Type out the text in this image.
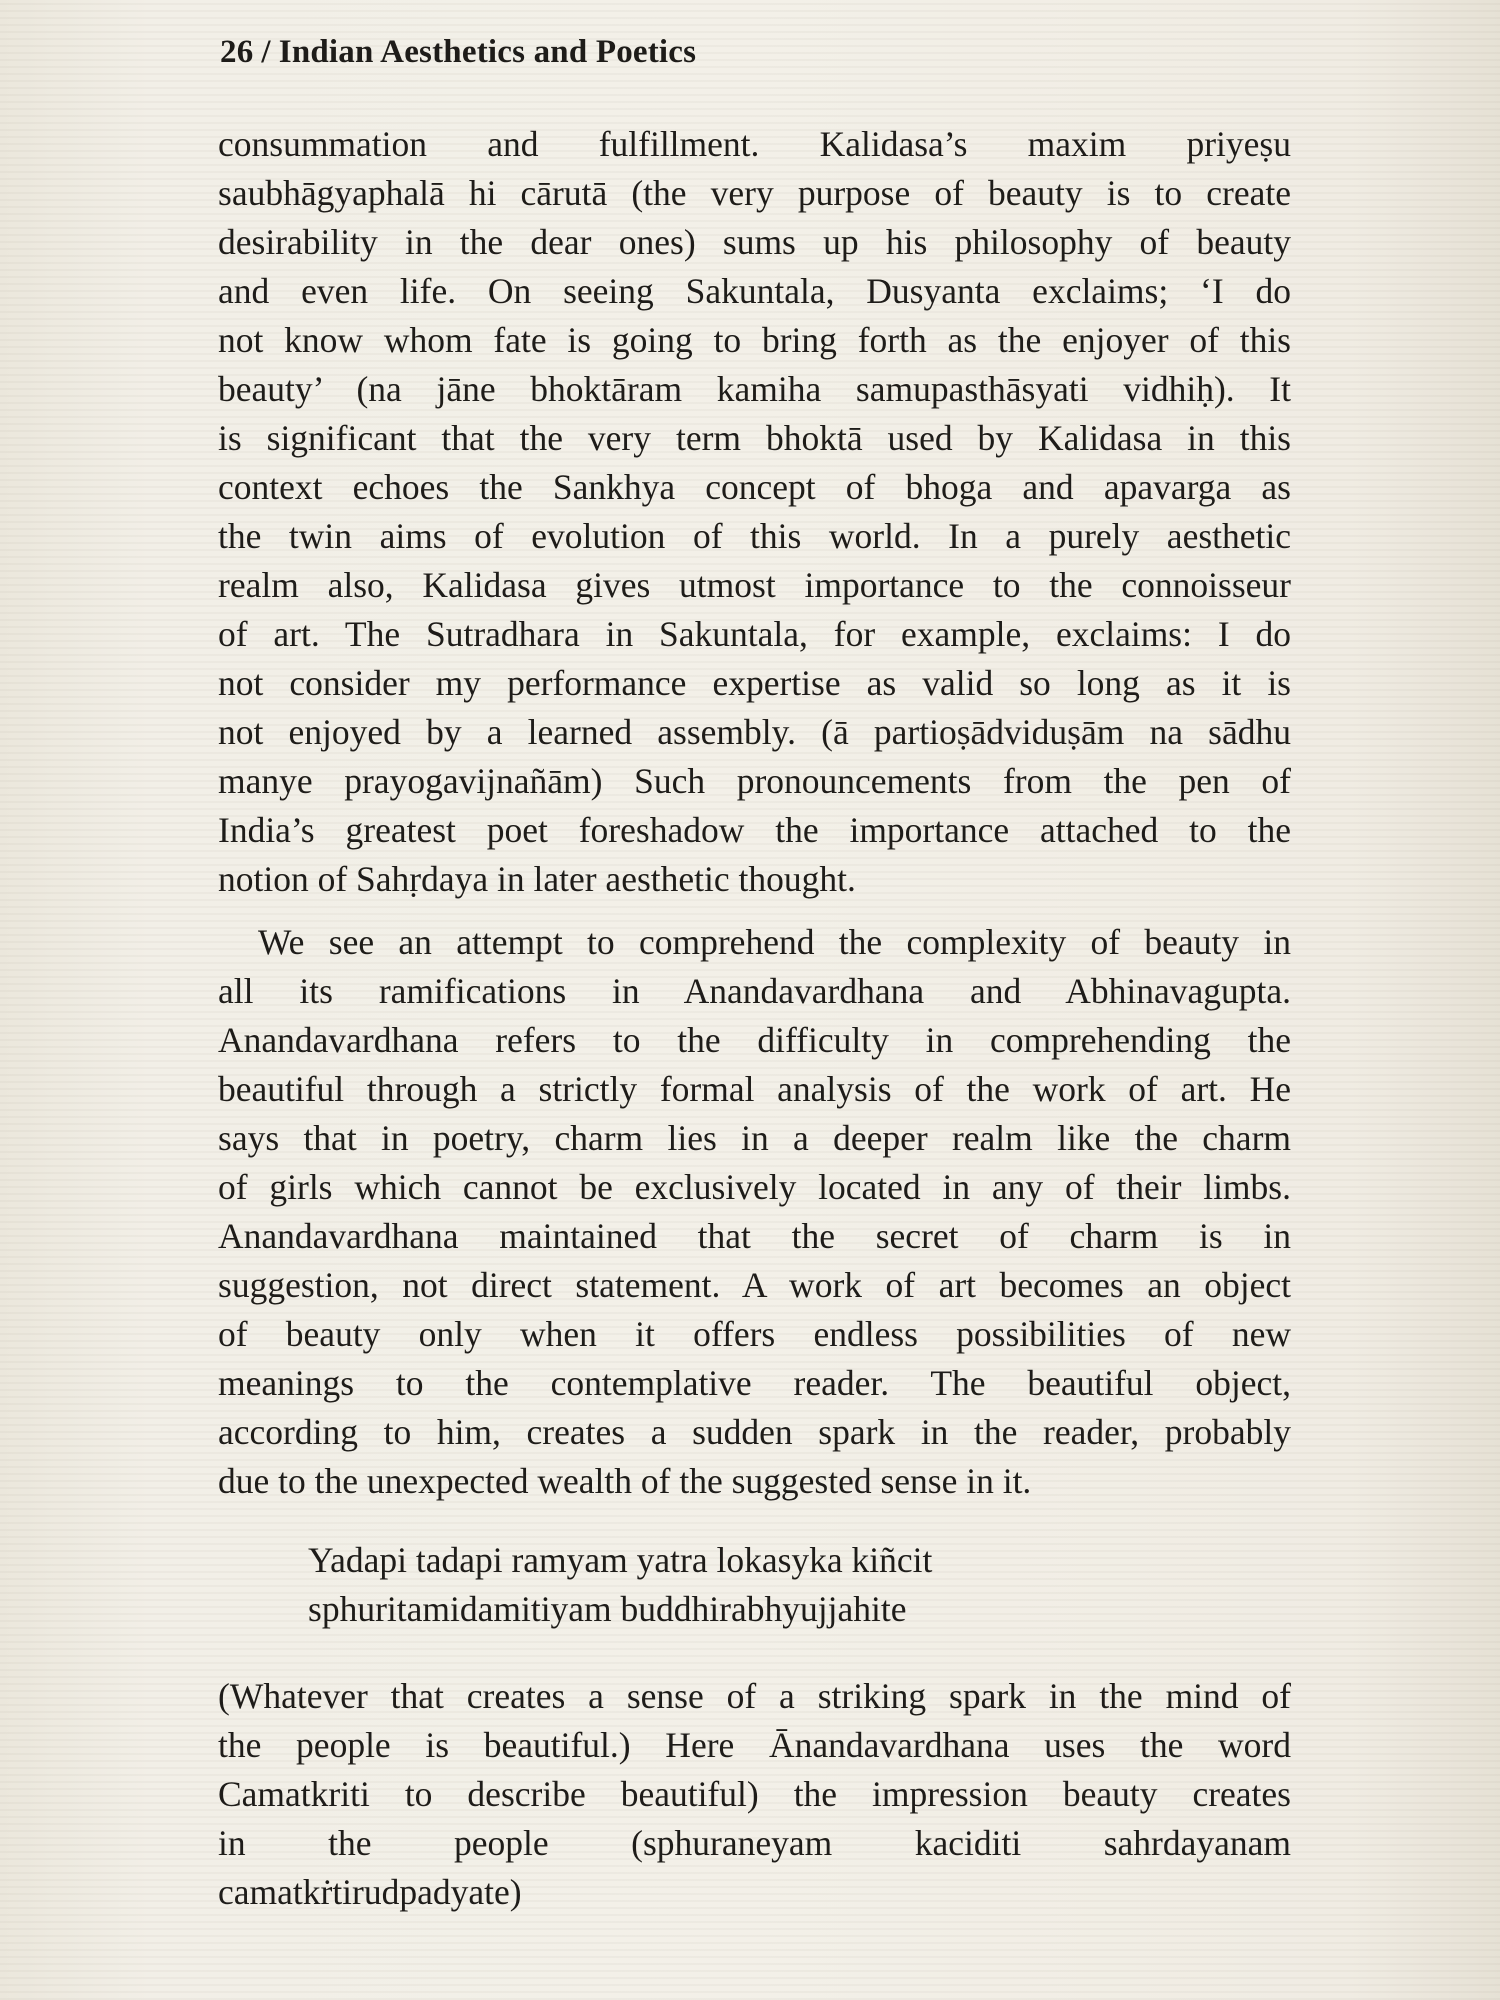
26 / Indian Aesthetics and Poetics
consummation and fulfillment. Kalidasa’s maxim priyeṣu
saubhāgyaphalā hi cārutā (the very purpose of beauty is to create
desirability in the dear ones) sums up his philosophy of beauty
and even life. On seeing Sakuntala, Dusyanta exclaims; ‘I do
not know whom fate is going to bring forth as the enjoyer of this
beauty’ (na jāne bhoktāram kamiha samupasthāsyati vidhiḥ). It
is significant that the very term bhoktā used by Kalidasa in this
context echoes the Sankhya concept of bhoga and apavarga as
the twin aims of evolution of this world. In a purely aesthetic
realm also, Kalidasa gives utmost importance to the connoisseur
of art. The Sutradhara in Sakuntala, for example, exclaims: I do
not consider my performance expertise as valid so long as it is
not enjoyed by a learned assembly. (ā partioṣādviduṣām na sādhu
manye prayogavijnañām) Such pronouncements from the pen of
India’s greatest poet foreshadow the importance attached to the
notion of Sahṛdaya in later aesthetic thought.
We see an attempt to comprehend the complexity of beauty in
all its ramifications in Anandavardhana and Abhinavagupta.
Anandavardhana refers to the difficulty in comprehending the
beautiful through a strictly formal analysis of the work of art. He
says that in poetry, charm lies in a deeper realm like the charm
of girls which cannot be exclusively located in any of their limbs.
Anandavardhana maintained that the secret of charm is in
suggestion, not direct statement. A work of art becomes an object
of beauty only when it offers endless possibilities of new
meanings to the contemplative reader. The beautiful object,
according to him, creates a sudden spark in the reader, probably
due to the unexpected wealth of the suggested sense in it.
Yadapi tadapi ramyam yatra lokasyka kiñcit
sphuritamidamitiyam buddhirabhyujjahite
(Whatever that creates a sense of a striking spark in the mind of
the people is beautiful.) Here Ānandavardhana uses the word
Camatkriti to describe beautiful) the impression beauty creates
in the people (sphuraneyam kaciditi sahrdayanam
camatkṙtirudpadyate)
